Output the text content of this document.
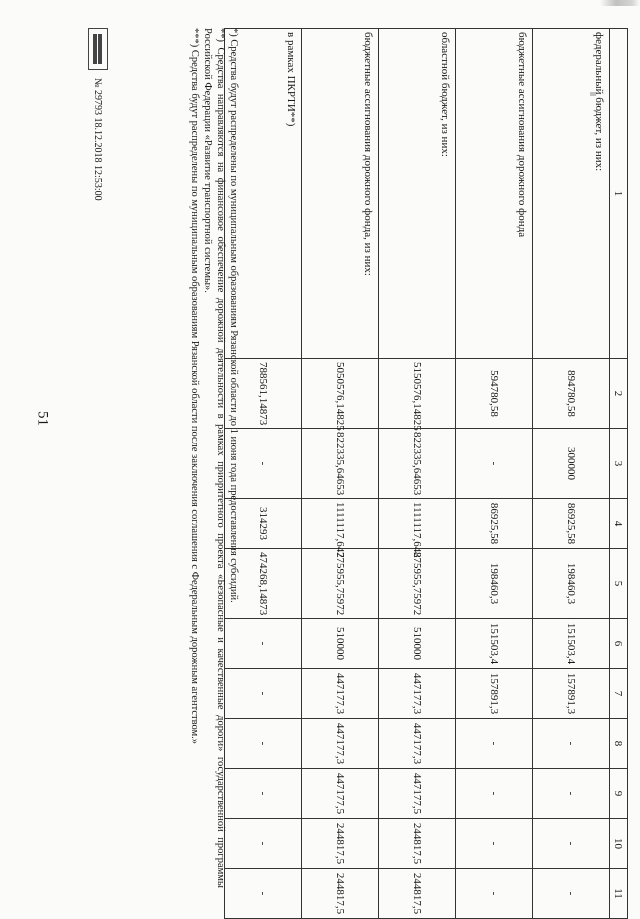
51
1	2	3	4	5	6	7	8	9	10	11
федеральный бюджет, из них:	894780,58	300000	86925,58	198460,3	151503,4	157891,3	-	-	-	-
бюджетные ассигнования дорожного фонда	594780,58	-	86925,58	198460,3	151503,4	157891,3	-	-	-	-
областной бюджет, из них:	5150576,14825	822335,64653	1111117,642	875955,75972	510000	447177,3	447177,3	447177,5	244817,5	244817,5
бюджетные ассигнования дорожного фонда, из них:	5050576,14825	822335,64653	1111117,642	775955,75972	510000	447177,3	447177,3	447177,5	244817,5	244817,5
в рамках ПКРТИ**)	788561,14873	-	314293	474268,14873	-	-	-	-	-	-

*) Средства будут распределены по муниципальным образованиям Рязанской области до 1 июня года предоставления субсидий.

**) Средства направляются на финансовое обеспечение дорожной деятельности в рамках приоритетного проекта «Безопасные и качественные дороги» государственной программы Российской Федерации «Развитие транспортной системы».

***) Средства будут распределены по муниципальным образованиям Рязанской области после заключения соглашения с Федеральным дорожным агентством.»

№ 29793 18.12.2018 12:53:00
